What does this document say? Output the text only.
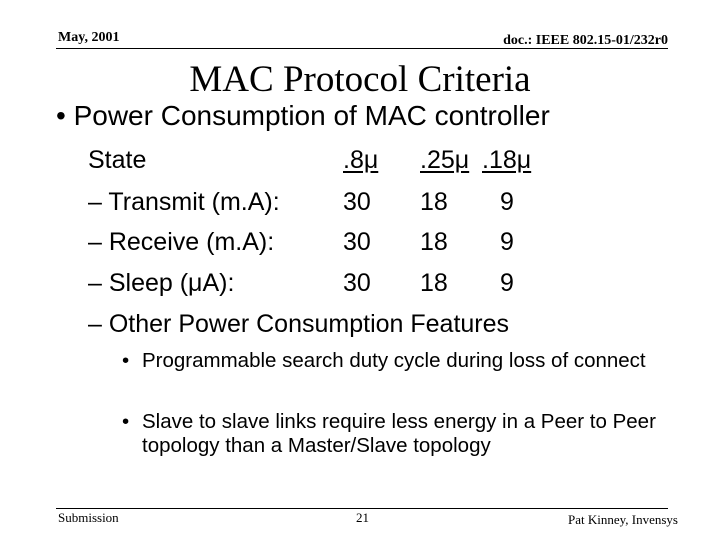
May, 2001	doc.: IEEE 802.15-01/232r0
MAC Protocol Criteria
• Power Consumption of MAC controller
State	.8μ .25μ .18μ
– Transmit (m.A):	30 18 9
– Receive (m.A):	30 18 9
– Sleep (μA):	30 18 9
– Other Power Consumption Features
• Programmable search duty cycle during loss of connect
• Slave to slave links require less energy in a Peer to Peer topology than a Master/Slave topology
Submission	21	Pat Kinney, Invensys
